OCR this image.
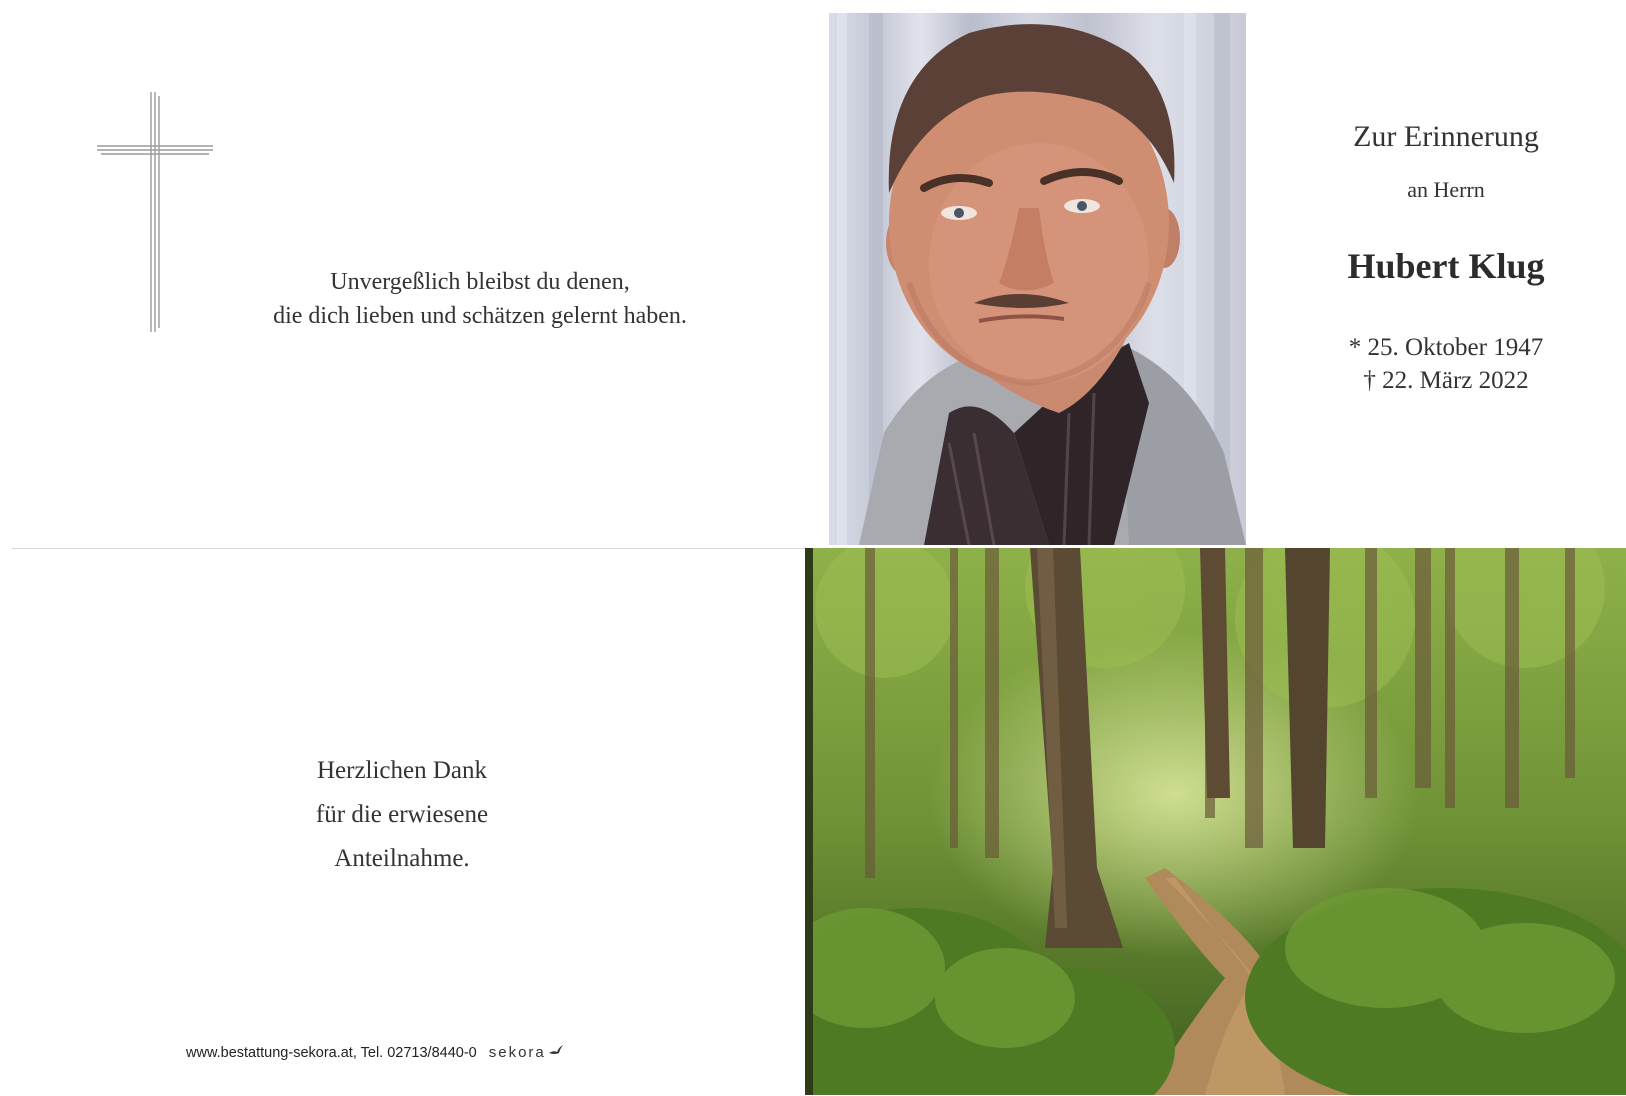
Unvergeßlich bleibst du denen,
die dich lieben und schätzen gelernt haben.
Herzlichen Dank
für die erwiesene
Anteilnahme.
www.bestattung-sekora.at, Tel. 02713/8440-0 sekora
Zur Erinnerung
an Herrn
Hubert Klug
* 25. Oktober 1947
† 22. März 2022
